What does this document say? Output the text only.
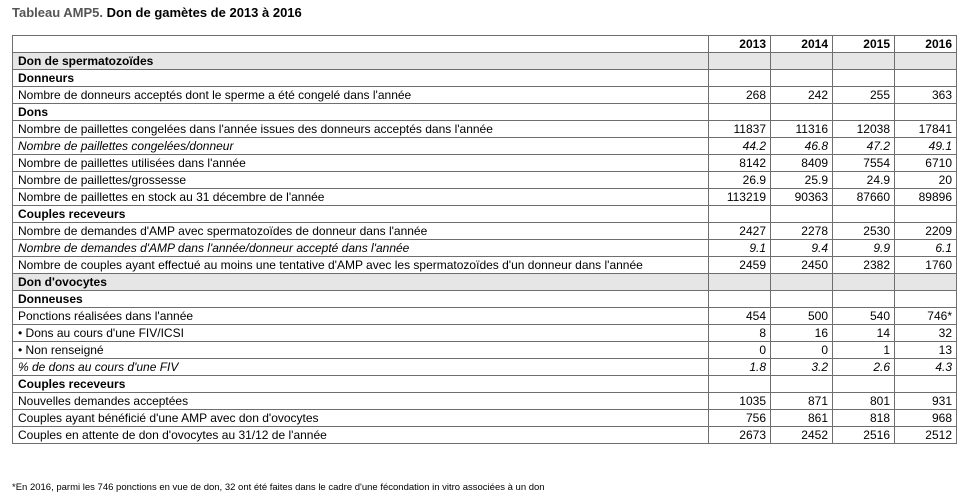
Tableau AMP5. Don de gamètes de 2013 à 2016
	2013	2014	2015	2016
Don de spermatozoïdes				
Donneurs				
Nombre de donneurs acceptés dont le sperme a été congelé dans l'année	268	242	255	363
Dons				
Nombre de paillettes congelées dans l'année issues des donneurs acceptés dans l'année	11837	11316	12038	17841
Nombre de paillettes congelées/donneur	44.2	46.8	47.2	49.1
Nombre de paillettes utilisées dans l'année	8142	8409	7554	6710
Nombre de paillettes/grossesse	26.9	25.9	24.9	20
Nombre de paillettes en stock au 31 décembre de l'année	113219	90363	87660	89896
Couples receveurs				
Nombre de demandes d'AMP avec spermatozoïdes de donneur dans l'année	2427	2278	2530	2209
Nombre de demandes d'AMP dans l'année/donneur accepté dans l'année	9.1	9.4	9.9	6.1
Nombre de couples ayant effectué au moins une tentative d'AMP avec les spermatozoïdes d'un donneur dans l'année	2459	2450	2382	1760
Don d'ovocytes				
Donneuses				
Ponctions réalisées dans l'année	454	500	540	746*
• Dons au cours d'une FIV/ICSI	8	16	14	32
• Non renseigné	0	0	1	13
% de dons au cours d'une FIV	1.8	3.2	2.6	4.3
Couples receveurs				
Nouvelles demandes acceptées	1035	871	801	931
Couples ayant bénéficié d'une AMP avec don d'ovocytes	756	861	818	968
Couples en attente de don d'ovocytes au 31/12 de l'année	2673	2452	2516	2512
*En 2016, parmi les 746 ponctions en vue de don, 32 ont été faites dans le cadre d'une fécondation in vitro associées à un don
